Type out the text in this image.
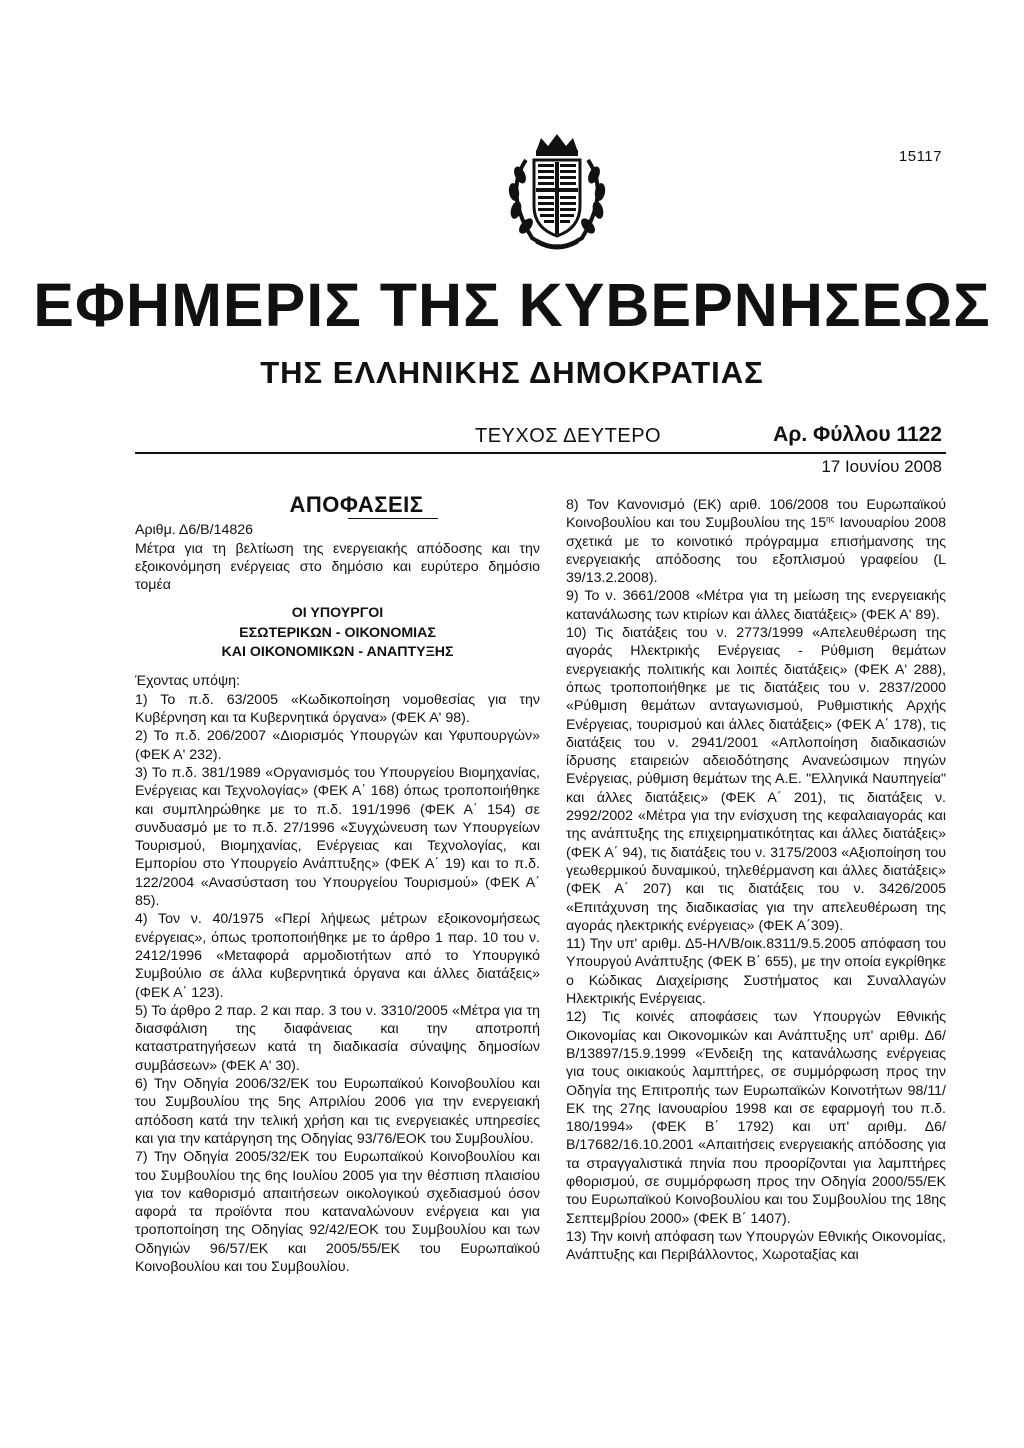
15117
ΕΦΗΜΕΡΙΣ ΤΗΣ ΚΥΒΕΡΝΗΣΕΩΣ
ΤΗΣ ΕΛΛΗΝΙΚΗΣ ΔΗΜΟΚΡΑΤΙΑΣ
ΤΕΥΧΟΣ ΔΕΥΤΕΡΟ	Αρ. Φύλλου 1122
17 Ιουνίου 2008
ΑΠΟΦΑΣΕΙΣ

Αριθμ. Δ6/Β/14826

Μέτρα για τη βελτίωση της ενεργειακής απόδοσης και την εξοικονόμηση ενέργειας στο δημόσιο και ευρύτερο δημόσιο τομέα

ΟΙ ΥΠΟΥΡΓΟΙ
ΕΣΩΤΕΡΙΚΩΝ - ΟΙΚΟΝΟΜΙΑΣ
ΚΑΙ ΟΙΚΟΝΟΜΙΚΩΝ - ΑΝΑΠΤΥΞΗΣ

Έχοντας υπόψη:

1) Το π.δ. 63/2005 «Κωδικοποίηση νομοθεσίας για την Κυβέρνηση και τα Κυβερνητικά όργανα» (ΦΕΚ Α' 98).

2) Το π.δ. 206/2007 «Διορισμός Υπουργών και Υφυπουργών» (ΦΕΚ Α' 232).

3) Το π.δ. 381/1989 «Οργανισμός του Υπουργείου Βιομηχανίας, Ενέργειας και Τεχνολογίας» (ΦΕΚ Α΄ 168) όπως τροποποιήθηκε και συμπληρώθηκε με το π.δ. 191/1996 (ΦΕΚ Α΄ 154) σε συνδυασμό με το π.δ. 27/1996 «Συγχώνευση των Υπουργείων Τουρισμού, Βιομηχανίας, Ενέργειας και Τεχνολογίας, και Εμπορίου στο Υπουργείο Ανάπτυξης» (ΦΕΚ Α΄ 19) και το π.δ. 122/2004 «Ανασύσταση του Υπουργείου Τουρισμού» (ΦΕΚ Α΄ 85).

4) Τον ν. 40/1975 «Περί λήψεως μέτρων εξοικονομήσεως ενέργειας», όπως τροποποιήθηκε με το άρθρο 1 παρ. 10 του ν. 2412/1996 «Μεταφορά αρμοδιοτήτων από το Υπουργικό Συμβούλιο σε άλλα κυβερνητικά όργανα και άλλες διατάξεις» (ΦΕΚ Α΄ 123).

5) Το άρθρο 2 παρ. 2 και παρ. 3 του ν. 3310/2005 «Μέτρα για τη διασφάλιση της διαφάνειας και την αποτροπή καταστρατηγήσεων κατά τη διαδικασία σύναψης δημοσίων συμβάσεων» (ΦΕΚ Α' 30).

6) Την Οδηγία 2006/32/ΕΚ του Ευρωπαϊκού Κοινοβουλίου και του Συμβουλίου της 5ης Απριλίου 2006 για την ενεργειακή απόδοση κατά την τελική χρήση και τις ενεργειακές υπηρεσίες και για την κατάργηση της Οδηγίας 93/76/ΕΟΚ του Συμβουλίου.

7) Την Οδηγία 2005/32/ΕΚ του Ευρωπαϊκού Κοινοβουλίου και του Συμβουλίου της 6ης Ιουλίου 2005 για την θέσπιση πλαισίου για τον καθορισμό απαιτήσεων οικολογικού σχεδιασμού όσον αφορά τα προϊόντα που καταναλώνουν ενέργεια και για τροποποίηση της Οδηγίας 92/42/ΕΟΚ του Συμβουλίου και των Οδηγιών 96/57/ΕΚ και 2005/55/ΕΚ του Ευρωπαϊκού Κοινοβουλίου και του Συμβουλίου.

8) Τον Κανονισμό (ΕΚ) αριθ. 106/2008 του Ευρωπαϊκού Κοινοβουλίου και του Συμβουλίου της $15^{\eta\varsigma}$ Ιανουαρίου 2008 σχετικά με το κοινοτικό πρόγραμμα επισήμανσης της ενεργειακής απόδοσης του εξοπλισμού γραφείου (L 39/13.2.2008).

9) Το ν. 3661/2008 «Μέτρα για τη μείωση της ενεργειακής κατανάλωσης των κτιρίων και άλλες διατάξεις» (ΦΕΚ Α' 89).

10) Τις διατάξεις του ν. 2773/1999 «Απελευθέρωση της αγοράς Ηλεκτρικής Ενέργειας - Ρύθμιση θεμάτων ενεργειακής πολιτικής και λοιπές διατάξεις» (ΦΕΚ Α' 288), όπως τροποποιήθηκε με τις διατάξεις του ν. 2837/2000 «Ρύθμιση θεμάτων ανταγωνισμού, Ρυθμιστικής Αρχής Ενέργειας, τουρισμού και άλλες διατάξεις» (ΦΕΚ Α΄ 178), τις διατάξεις του ν. 2941/2001 «Απλοποίηση διαδικασιών ίδρυσης εταιρειών αδειοδότησης Ανανεώσιμων πηγών Ενέργειας, ρύθμιση θεμάτων της Α.Ε. "Ελληνικά Ναυπηγεία" και άλλες διατάξεις» (ΦΕΚ Α΄ 201), τις διατάξεις ν. 2992/2002 «Μέτρα για την ενίσχυση της κεφαλαιαγοράς και της ανάπτυξης της επιχειρηματικότητας και άλλες διατάξεις» (ΦΕΚ Α΄ 94), τις διατάξεις του ν. 3175/2003 «Αξιοποίηση του γεωθερμικού δυναμικού, τηλεθέρμανση και άλλες διατάξεις» (ΦΕΚ Α΄ 207) και τις διατάξεις του ν. 3426/2005 «Επιτάχυνση της διαδικασίας για την απελευθέρωση της αγοράς ηλεκτρικής ενέργειας» (ΦΕΚ Α΄309).

11) Την υπ' αριθμ. Δ5-ΗΛ/Β/οικ.8311/9.5.2005 απόφαση του Υπουργού Ανάπτυξης (ΦΕΚ Β΄ 655), με την οποία εγκρίθηκε ο Κώδικας Διαχείρισης Συστήματος και Συναλλαγών Ηλεκτρικής Ενέργειας.

12) Τις κοινές αποφάσεις των Υπουργών Εθνικής Οικονομίας και Οικονομικών και Ανάπτυξης υπ' αριθμ. Δ6/Β/13897/15.9.1999 «Ένδειξη της κατανάλωσης ενέργειας για τους οικιακούς λαμπτήρες, σε συμμόρφωση προς την Οδηγία της Επιτροπής των Ευρωπαϊκών Κοινοτήτων 98/11/ΕΚ της 27ης Ιανουαρίου 1998 και σε εφαρμογή του π.δ. 180/1994» (ΦΕΚ Β΄ 1792) και υπ' αριθμ. Δ6/Β/17682/16.10.2001 «Απαιτήσεις ενεργειακής απόδοσης για τα στραγγαλιστικά πηνία που προορίζονται για λαμπτήρες φθορισμού, σε συμμόρφωση προς την Οδηγία 2000/55/ΕΚ του Ευρωπαϊκού Κοινοβουλίου και του Συμβουλίου της 18ης Σεπτεμβρίου 2000» (ΦΕΚ Β΄ 1407).

13) Την κοινή απόφαση των Υπουργών Εθνικής Οικονομίας, Ανάπτυξης και Περιβάλλοντος, Χωροταξίας και
